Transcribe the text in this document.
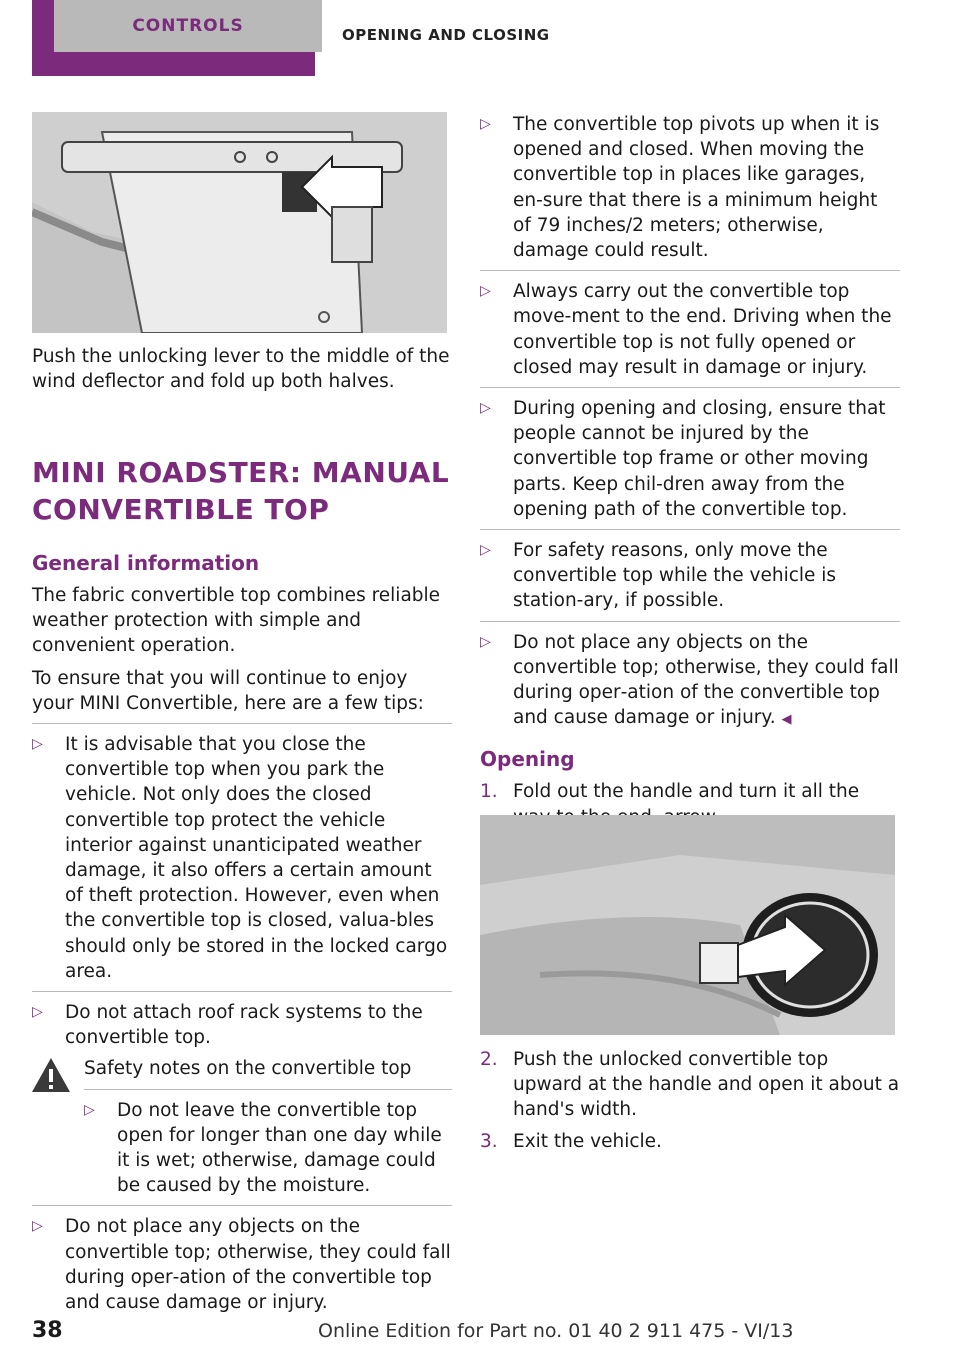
CONTROLS	OPENING AND CLOSING

Push the unlocking lever to the middle of the wind deflector and fold up both halves.

MINI ROADSTER: MANUAL CONVERTIBLE TOP

General information

The fabric convertible top combines reliable weather protection with simple and convenient operation.

To ensure that you will continue to enjoy your MINI Convertible, here are a few tips:

▷ It is advisable that you close the convertible top when you park the vehicle. Not only does the closed convertible top protect the vehicle interior against unanticipated weather damage, it also offers a certain amount of theft protection. However, even when the convertible top is closed, valua‐bles should only be stored in the locked cargo area.
▷ Do not attach roof rack systems to the convertible top.

Safety notes on the convertible top

▷ Do not leave the convertible top open for longer than one day while it is wet; otherwise, damage could be caused by the moisture.
▷ Do not place any objects on the convertible top; otherwise, they could fall during oper‐ation of the convertible top and cause damage or injury.
▷ The convertible top pivots up when it is opened and closed. When moving the convertible top in places like garages, en‐sure that there is a minimum height of 79 inches/2 meters; otherwise, damage could result.
▷ Always carry out the convertible top move‐ment to the end. Driving when the convertible top is not fully opened or closed may result in damage or injury.
▷ During opening and closing, ensure that people cannot be injured by the convertible top frame or other moving parts. Keep chil‐dren away from the opening path of the convertible top.
▷ For safety reasons, only move the convertible top while the vehicle is station‐ary, if possible.
▷ Do not place any objects on the convertible top; otherwise, they could fall during oper‐ation of the convertible top and cause damage or injury. ◀

Opening

1. Fold out the handle and turn it all the
2. Push the unlocked convertible top upward at the handle and open it about a hand's width.
3. Exit the vehicle.
38	Online Edition for Part no. 01 40 2 911 475 - VI/13
